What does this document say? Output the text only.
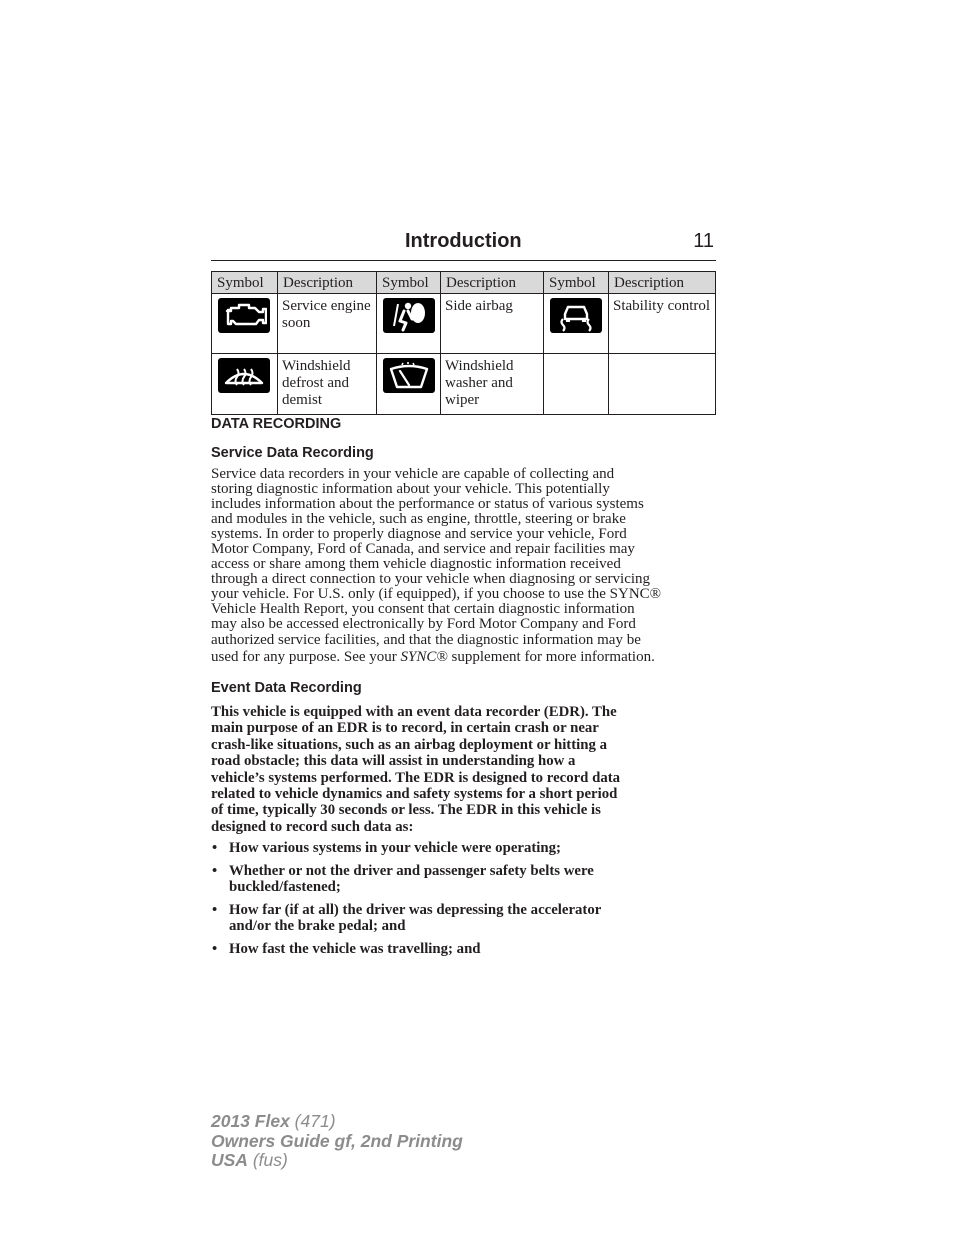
Introduction	11
Symbol	Description	Symbol	Description	Symbol	Description

	Service engine soon		Side airbag		Stability control

	Windshield defrost and demist		Windshield washer and wiper		
DATA RECORDING
Service Data Recording
Service data recorders in your vehicle are capable of collecting and
storing diagnostic information about your vehicle. This potentially
includes information about the performance or status of various systems
and modules in the vehicle, such as engine, throttle, steering or brake
systems. In order to properly diagnose and service your vehicle, Ford
Motor Company, Ford of Canada, and service and repair facilities may
access or share among them vehicle diagnostic information received
through a direct connection to your vehicle when diagnosing or servicing
your vehicle. For U.S. only (if equipped), if you choose to use the SYNC®
Vehicle Health Report, you consent that certain diagnostic information
may also be accessed electronically by Ford Motor Company and Ford
authorized service facilities, and that the diagnostic information may be
used for any purpose. See your SYNC® supplement for more information.
Event Data Recording
This vehicle is equipped with an event data recorder (EDR). The
main purpose of an EDR is to record, in certain crash or near
crash-like situations, such as an airbag deployment or hitting a
road obstacle; this data will assist in understanding how a
vehicle’s systems performed. The EDR is designed to record data
related to vehicle dynamics and safety systems for a short period
of time, typically 30 seconds or less. The EDR in this vehicle is
designed to record such data as:
• How various systems in your vehicle were operating;
• Whether or not the driver and passenger safety belts were
buckled/fastened;
• How far (if at all) the driver was depressing the accelerator
and/or the brake pedal; and
• How fast the vehicle was travelling; and
2013 Flex (471)
Owners Guide gf, 2nd Printing
USA (fus)
